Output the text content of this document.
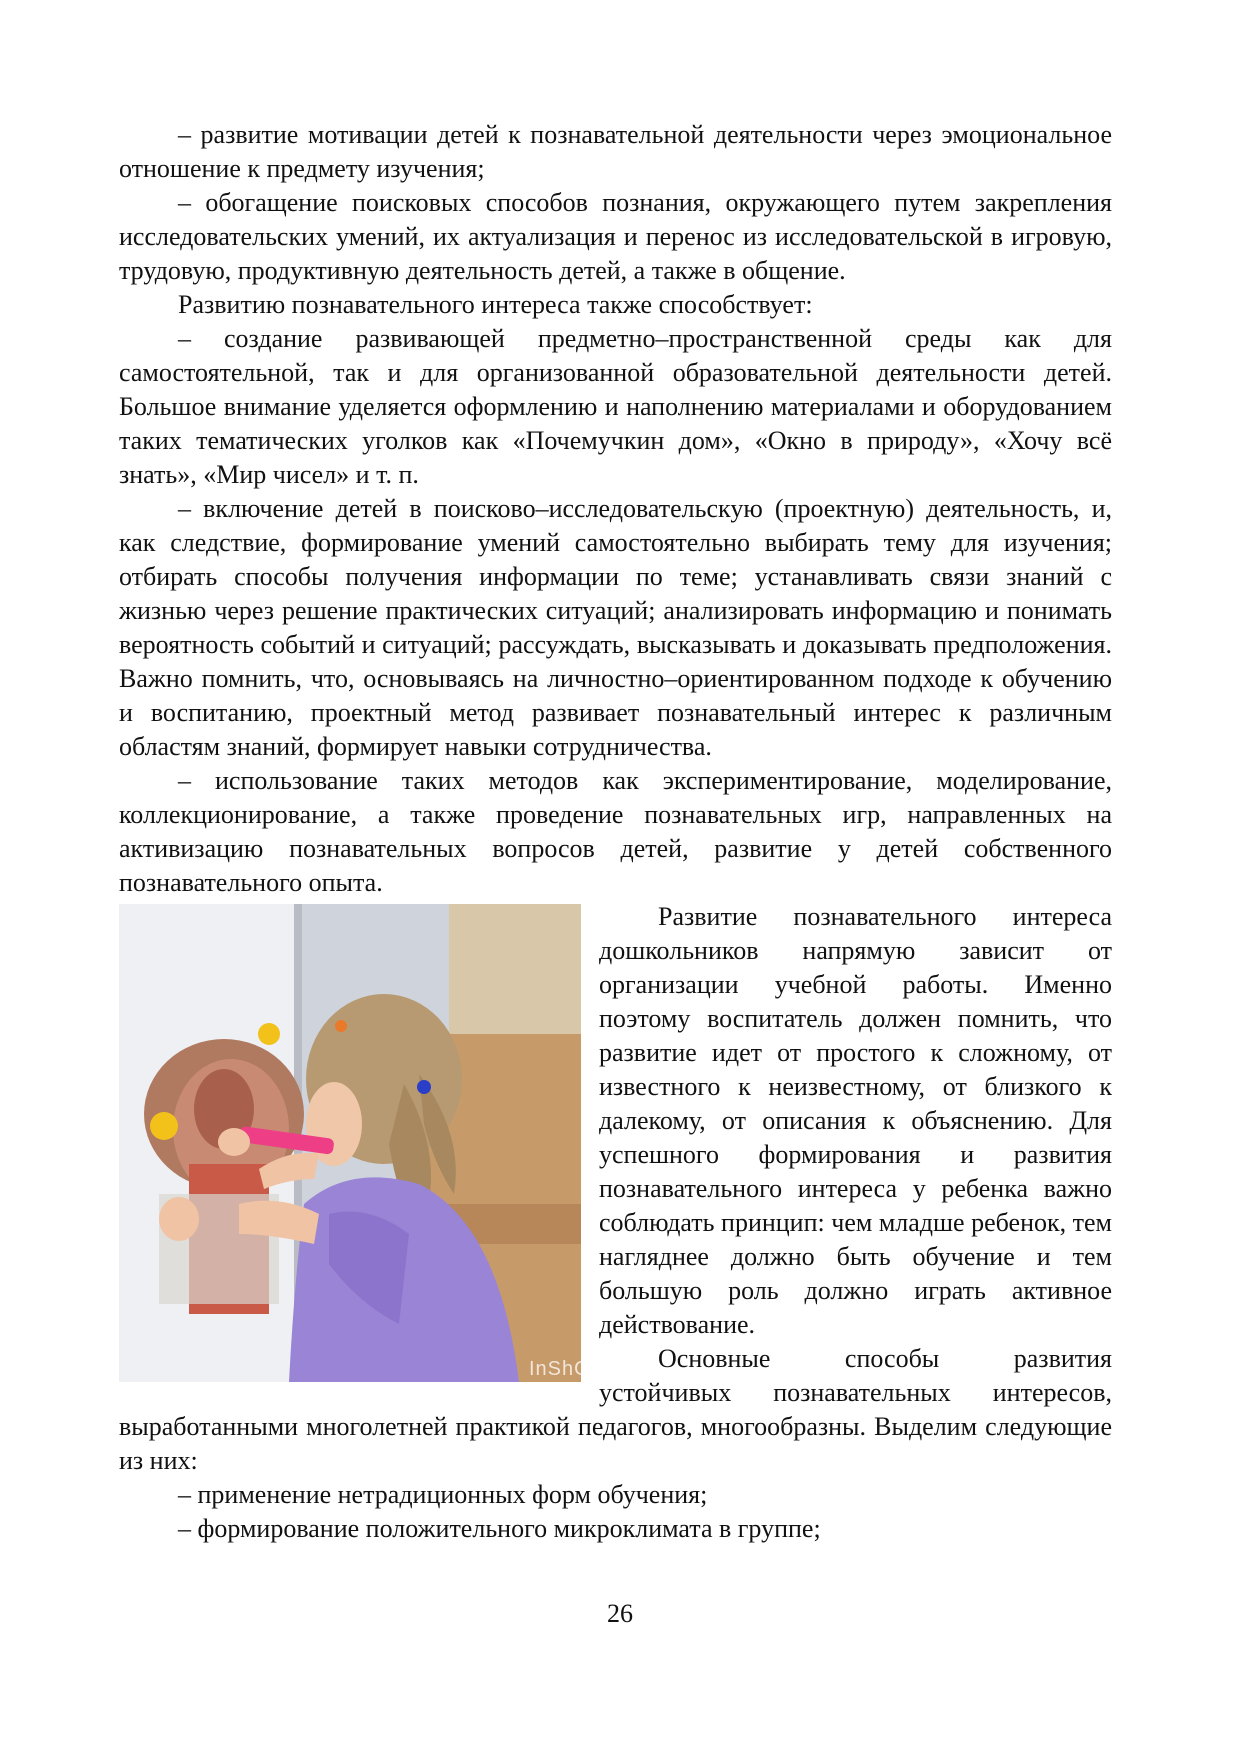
– развитие мотивации детей к познавательной деятельности через эмоциональное отношение к предмету изучения;

– обогащение поисковых способов познания, окружающего путем закрепления исследовательских умений, их актуализация и перенос из исследовательской в игровую, трудовую, продуктивную деятельность детей, а также в общение.

Развитию познавательного интереса также способствует:

– создание развивающей предметно–пространственной среды как для самостоятельной, так и для организованной образовательной деятельности детей. Большое внимание уделяется оформлению и наполнению материалами и оборудованием таких тематических уголков как «Почемучкин дом», «Окно в природу», «Хочу всё знать», «Мир чисел» и т. п.

– включение детей в поисково–исследовательскую (проектную) деятельность, и, как следствие, формирование умений самостоятельно выбирать тему для изучения; отбирать способы получения информации по теме; устанавливать связи знаний с жизнью через решение практических ситуаций; анализировать информацию и понимать вероятность событий и ситуаций; рассуждать, высказывать и доказывать предположения. Важно помнить, что, основываясь на личностно–ориентированном подходе к обучению и воспитанию, проектный метод развивает познавательный интерес к различным областям знаний, формирует навыки сотрудничества.

– использование таких методов как экспериментирование, моделирование, коллекционирование, а также проведение познавательных игр, направленных на активизацию познавательных вопросов детей, развитие у детей собственного познавательного опыта.

InShO

Развитие познавательного интереса дошкольников напрямую зависит от организации учебной работы. Именно поэтому воспитатель должен помнить, что развитие идет от простого к сложному, от известного к неизвестному, от близкого к далекому, от описания к объяснению. Для успешного формирования и развития познавательного интереса у ребенка важно соблюдать принцип: чем младше ребенок, тем нагляднее должно быть обучение и тем большую роль должно играть активное действование.

Основные способы развития устойчивых познавательных интересов, выработанными многолетней практикой педагогов, многообразны. Выделим следующие из них:

– применение нетрадиционных форм обучения;

– формирование положительного микроклимата в группе;

26
